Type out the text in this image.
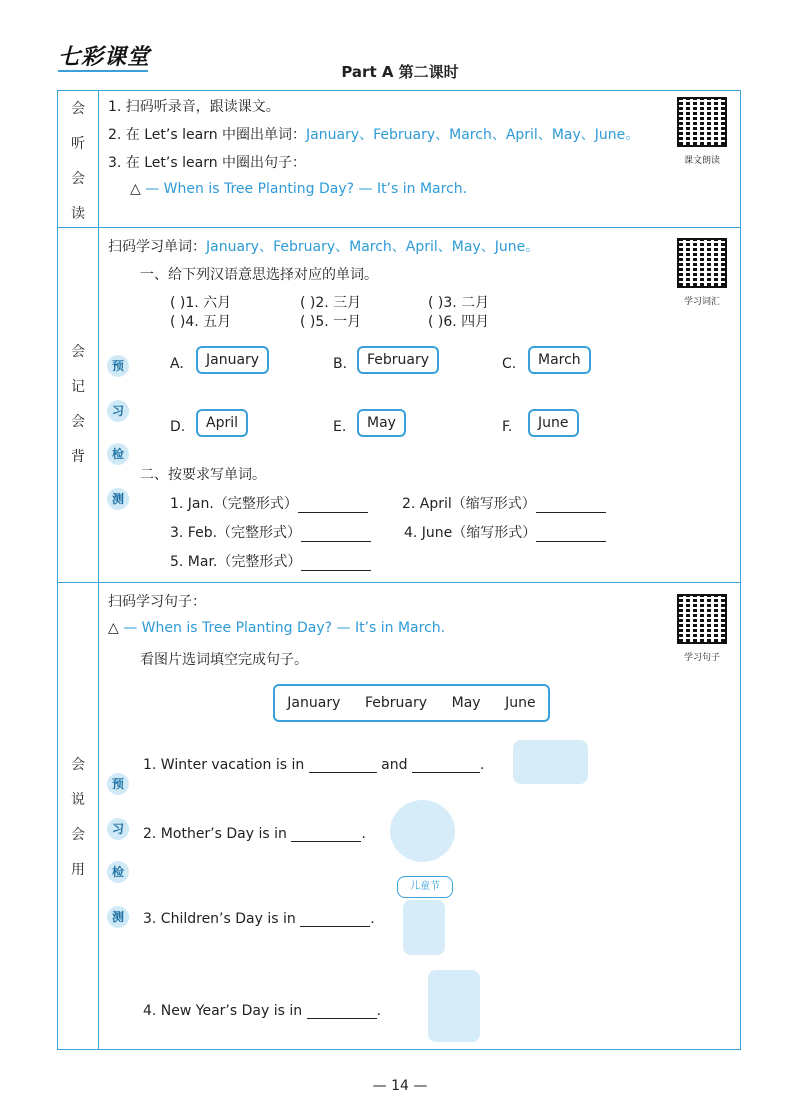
七彩课堂
Part A 第二课时
会
听
会
读
1. 扫码听录音，跟读课文。
2. 在 Let’s learn 中圈出单词：January、February、March、April、May、June。
3. 在 Let’s learn 中圈出句子：
△ — When is Tree Planting Day? — It’s in March.
课文朗读
会
记
会
背
预
习
检
测
扫码学习单词：January、February、March、April、May、June。
一、给下列汉语意思选择对应的单词。
( )1. 六月	( )2. 三月	( )3. 二月
( )4. 五月	( )5. 一月	( )6. 四月
A.	January	B.	February	C.	March
D.	April	E.	May	F.	June
二、按要求写单词。
1. Jan.（完整形式）	2. April（缩写形式）
3. Feb.（完整形式）	4. June（缩写形式）
5. Mar.（完整形式）
学习词汇
会
说
会
用
预
习
检
测
扫码学习句子：
△ — When is Tree Planting Day? — It’s in March.
看图片选词填空完成句子。
January February May June
1. Winter vacation is in	and	.
2. Mother’s Day is in	.
儿童节
3. Children’s Day is in	.
4. New Year’s Day is in	.
学习句子
— 14 —
